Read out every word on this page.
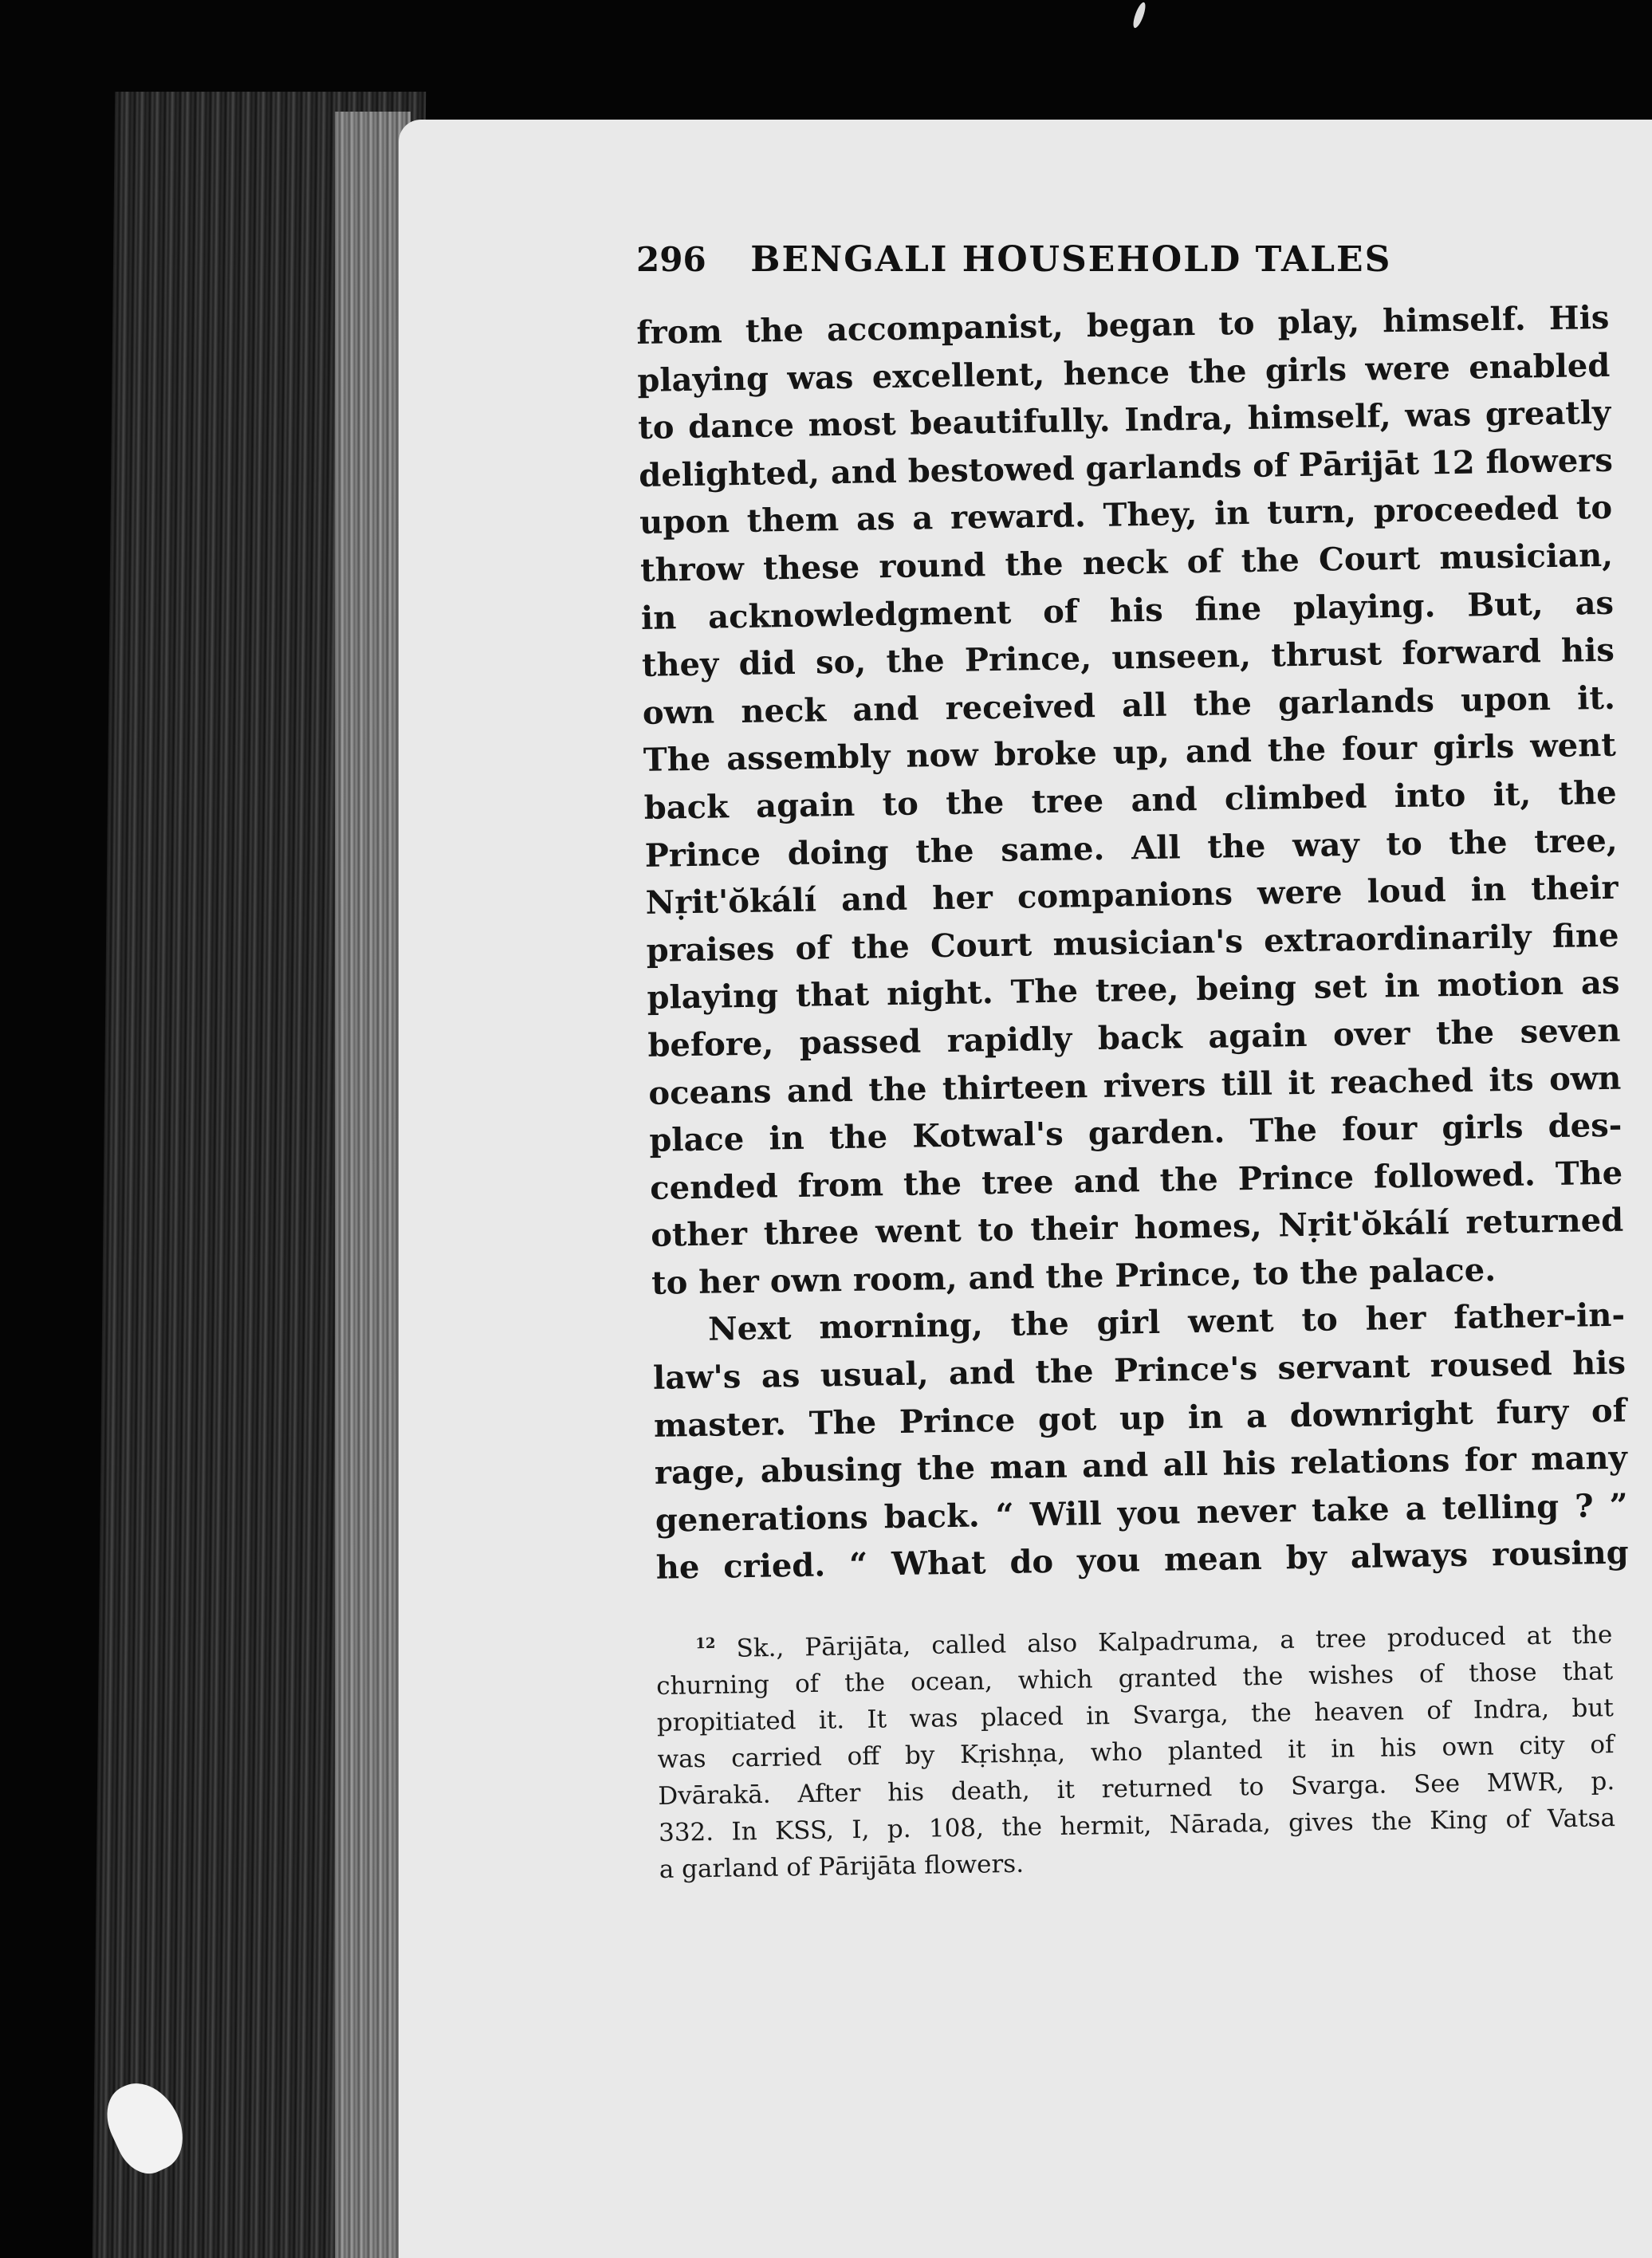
296 BENGALI HOUSEHOLD TALES
from the accompanist, began to play, himself. His
playing was excellent, hence the girls were enabled
to dance most beautifully. Indra, himself, was greatly
delighted, and bestowed garlands of Pārijāt 12 flowers
upon them as a reward. They, in turn, proceeded to
throw these round the neck of the Court musician,
in acknowledgment of his fine playing. But, as
they did so, the Prince, unseen, thrust forward his
own neck and received all the garlands upon it.
The assembly now broke up, and the four girls went
back again to the tree and climbed into it, the
Prince doing the same. All the way to the tree,
Nṛit'ŏkálí and her companions were loud in their
praises of the Court musician's extraordinarily fine
playing that night. The tree, being set in motion as
before, passed rapidly back again over the seven
oceans and the thirteen rivers till it reached its own
place in the Kotwal's garden. The four girls des-
cended from the tree and the Prince followed. The
other three went to their homes, Nṛit'ŏkálí returned
to her own room, and the Prince, to the palace.
Next morning, the girl went to her father-in-
law's as usual, and the Prince's servant roused his
master. The Prince got up in a downright fury of
rage, abusing the man and all his relations for many
generations back. “ Will you never take a telling ? ”
he cried. “ What do you mean by always rousing
$^{12}$ Sk., Pārijāta, called also Kalpadruma, a tree produced at the
churning of the ocean, which granted the wishes of those that
propitiated it. It was placed in Svarga, the heaven of Indra, but
was carried off by Kṛishṇa, who planted it in his own city of
Dvārakā. After his death, it returned to Svarga. See MWR, p.
332. In KSS, I, p. 108, the hermit, Nārada, gives the King of Vatsa
a garland of Pārijāta flowers.
